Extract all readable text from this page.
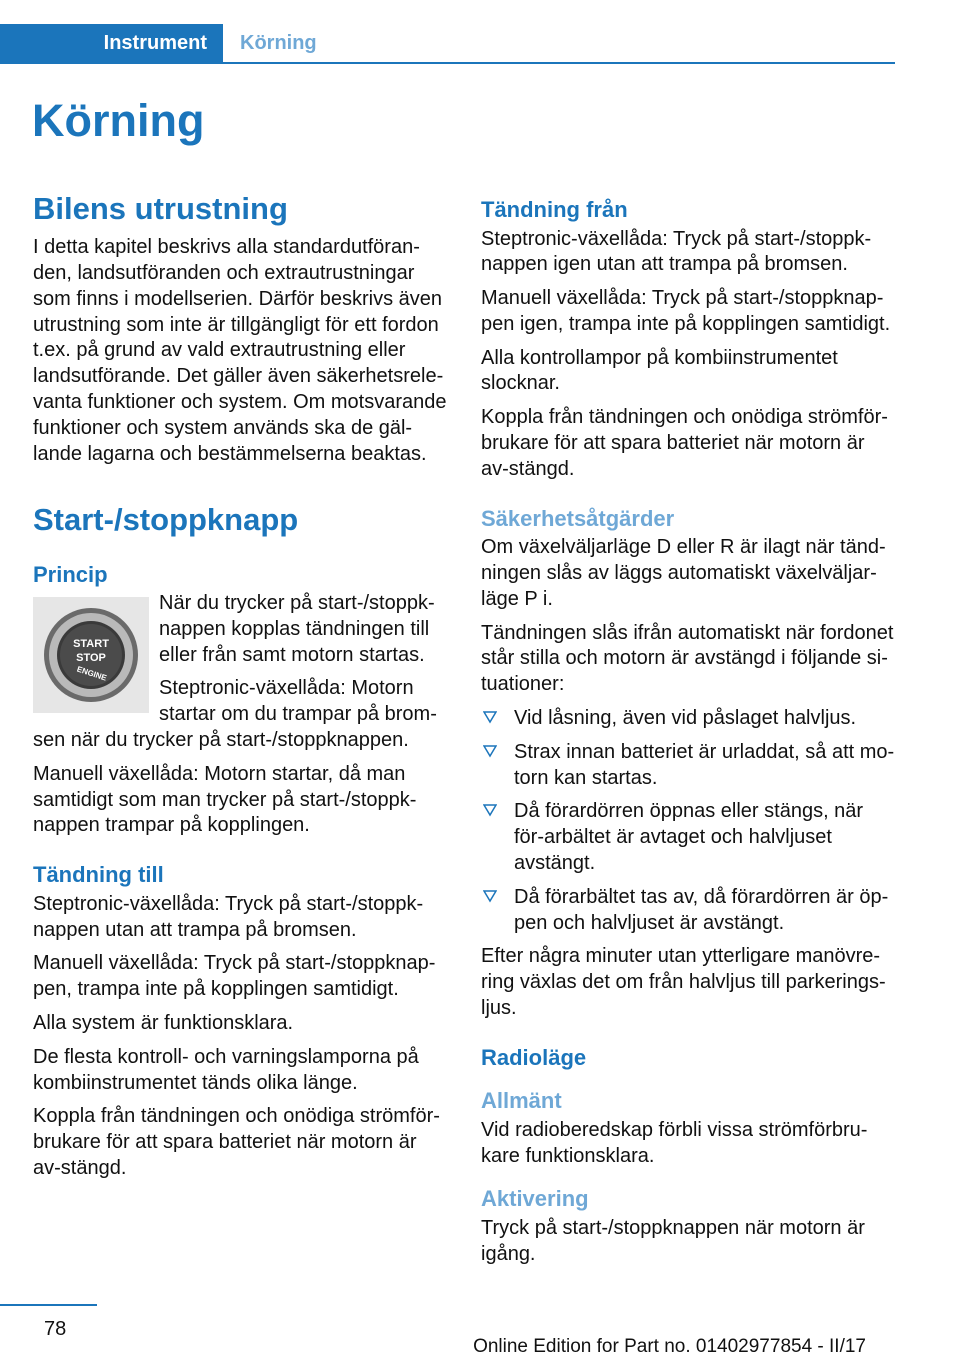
Instrument	Körning
Körning
Bilens utrustning

I detta kapitel beskrivs alla standardutföran-den, landsutföranden och extrautrustningar som finns i modellserien. Därför beskrivs även utrustning som inte är tillgängligt för ett fordon t.ex. på grund av vald extrautrustning eller landsutförande. Det gäller även säkerhetsrele-vanta funktioner och system. Om motsvarande funktioner och system används ska de gäl-lande lagarna och bestämmelserna beaktas.

Start-/stoppknapp
Princip
START
STOP
ENGINE

När du trycker på start-/stoppk-nappen kopplas tändningen till eller från samt motorn startas.

Steptronic-växellåda: Motorn startar om du trampar på brom-sen när du trycker på start-/stoppknappen.

Manuell växellåda: Motorn startar, då man samtidigt som man trycker på start-/stoppk-nappen trampar på kopplingen.

Tändning till

Steptronic-växellåda: Tryck på start-/stoppk-nappen utan att trampa på bromsen.

Manuell växellåda: Tryck på start-/stoppknap-pen, trampa inte på kopplingen samtidigt.

Alla system är funktionsklara.

De flesta kontroll- och varningslamporna på kombiinstrumentet tänds olika länge.

Koppla från tändningen och onödiga strömför-brukare för att spara batteriet när motorn är av-stängd.

Tändning från

Steptronic-växellåda: Tryck på start-/stoppk-nappen igen utan att trampa på bromsen.

Manuell växellåda: Tryck på start-/stoppknap-pen igen, trampa inte på kopplingen samtidigt.

Alla kontrollampor på kombiinstrumentet slocknar.

Koppla från tändningen och onödiga strömför-brukare för att spara batteriet när motorn är av-stängd.

Säkerhetsåtgärder

Om växelväljarläge D eller R är ilagt när tänd-ningen slås av läggs automatiskt växelväljar-läge P i.

Tändningen slås ifrån automatiskt när fordonet står stilla och motorn är avstängd i följande si-tuationer:

Vid låsning, även vid påslaget halvljus.
Strax innan batteriet är urladdat, så att mo-torn kan startas.
Då förardörren öppnas eller stängs, när för-arbältet är avtaget och halvljuset avstängt.
Då förarbältet tas av, då förardörren är öp-pen och halvljuset är avstängt.

Efter några minuter utan ytterligare manövre-ring växlas det om från halvljus till parkerings-ljus.

Radioläge
Allmänt

Vid radioberedskap förbli vissa strömförbru-kare funktionsklara.

Aktivering

Tryck på start-/stoppknappen när motorn är igång.

78
Online Edition for Part no. 01402977854 - II/17
